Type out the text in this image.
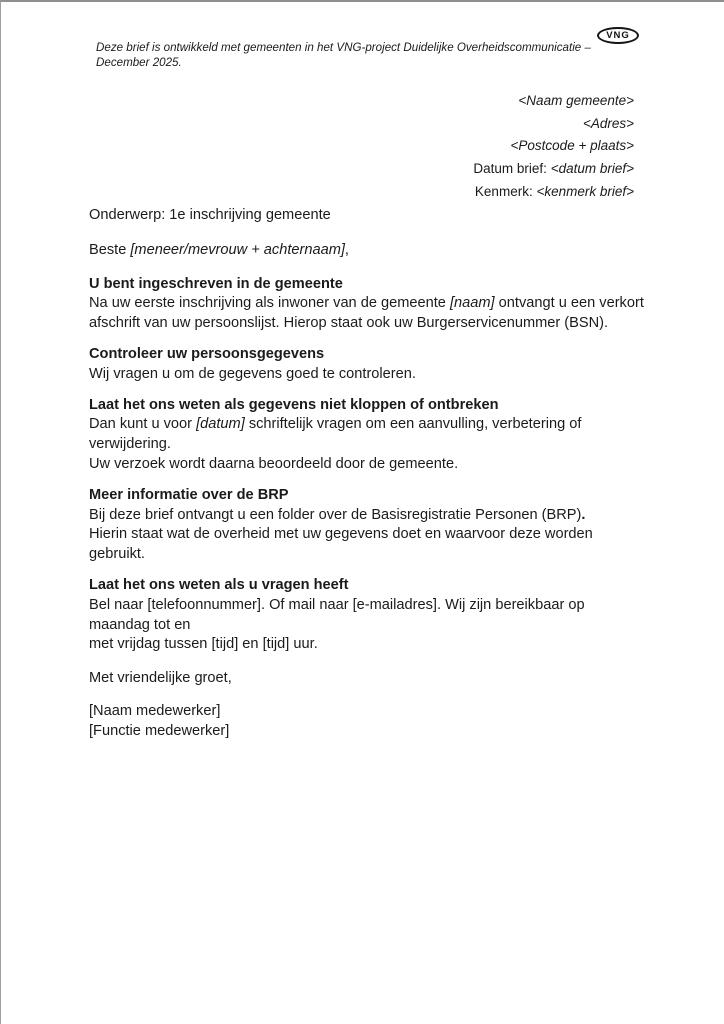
VNG
Deze brief is ontwikkeld met gemeenten in het VNG-project Duidelijke Overheidscommunicatie – December 2025.
<Naam gemeente>
<Adres>
<Postcode + plaats>
Datum brief: <datum brief>
Kenmerk: <kenmerk brief>

Onderwerp: 1e inschrijving gemeente

Beste [meneer/mevrouw + achternaam],

U bent ingeschreven in de gemeente
Na uw eerste inschrijving als inwoner van de gemeente [naam] ontvangt u een verkort
afschrift van uw persoonslijst. Hierop staat ook uw Burgerservicenummer (BSN).

Controleer uw persoonsgegevens
Wij vragen u om de gegevens goed te controleren.

Laat het ons weten als gegevens niet kloppen of ontbreken
Dan kunt u voor [datum] schriftelijk vragen om een aanvulling, verbetering of verwijdering.
Uw verzoek wordt daarna beoordeeld door de gemeente.

Meer informatie over de BRP
Bij deze brief ontvangt u een folder over de Basisregistratie Personen (BRP).
Hierin staat wat de overheid met uw gegevens doet en waarvoor deze worden gebruikt.

Laat het ons weten als u vragen heeft
Bel naar [telefoonnummer]. Of mail naar [e-mailadres]. Wij zijn bereikbaar op maandag tot en
met vrijdag tussen [tijd] en [tijd] uur.

Met vriendelijke groet,

[Naam medewerker]
[Functie medewerker]
